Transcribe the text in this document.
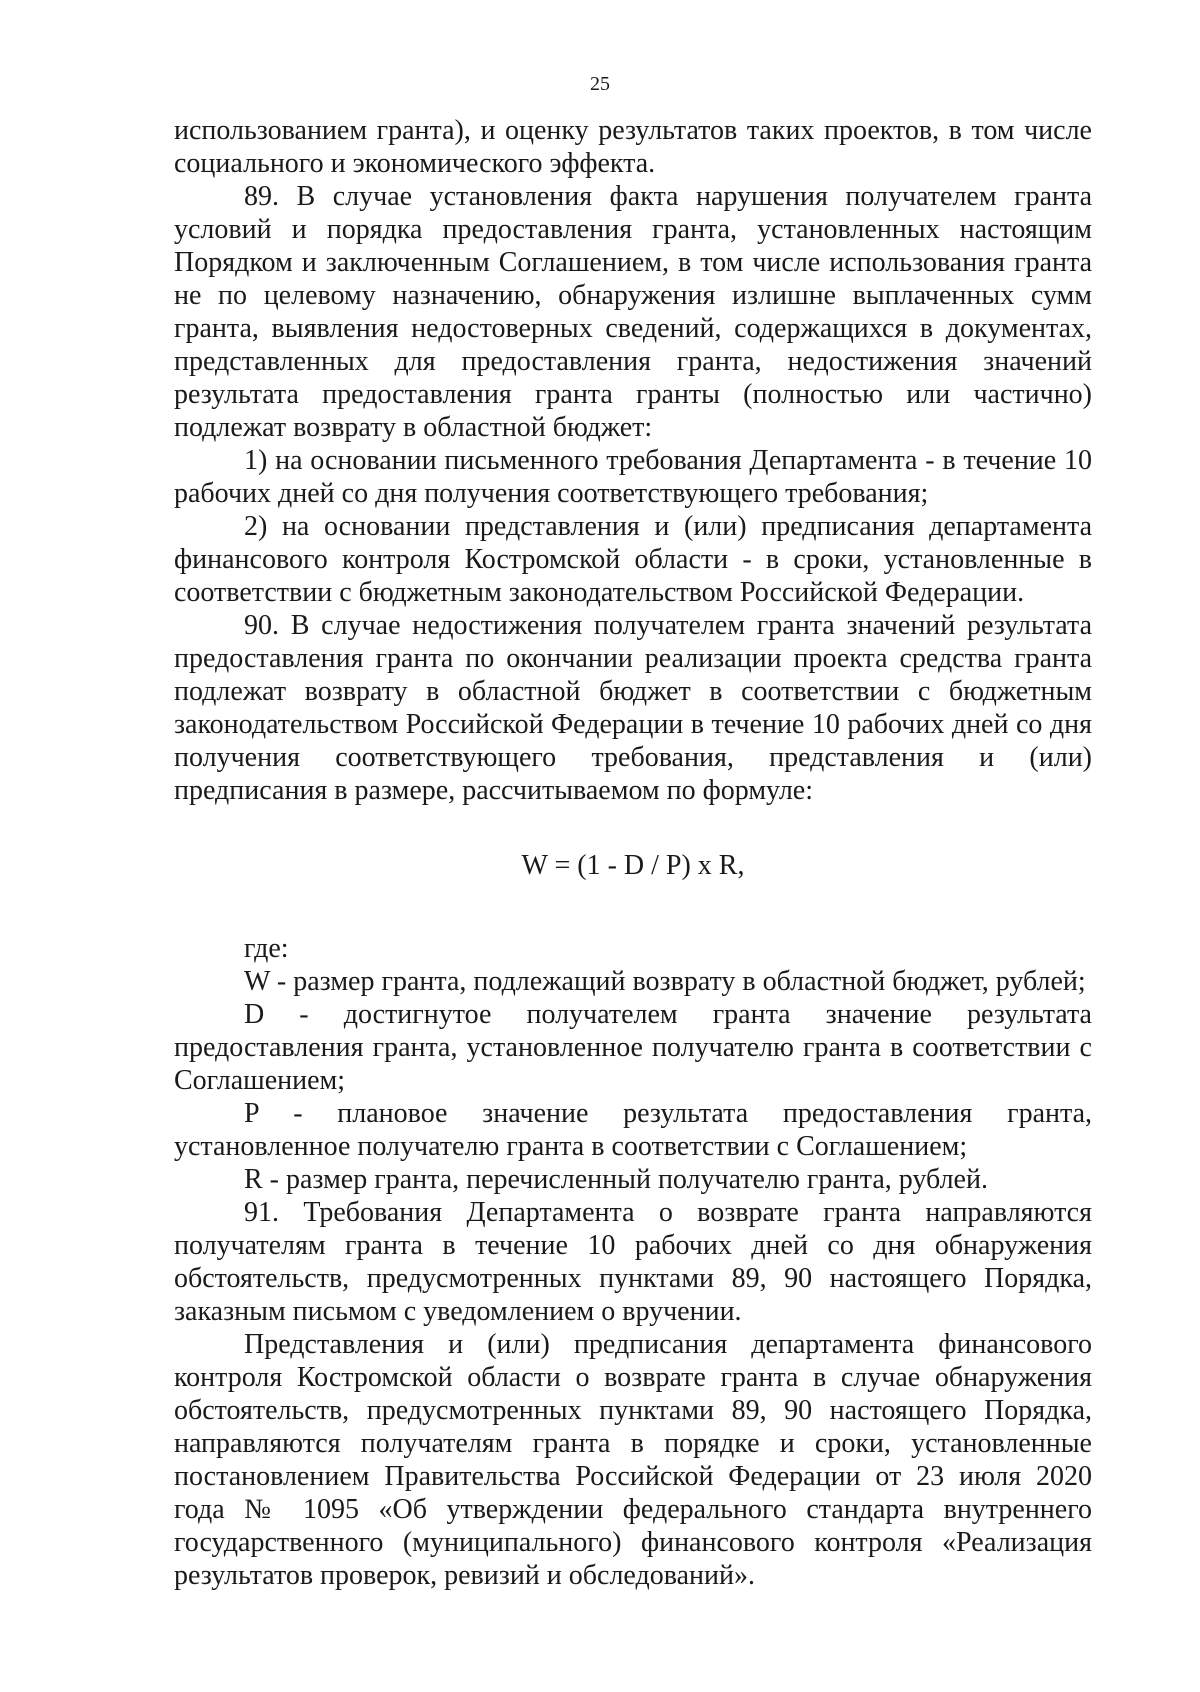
25

использованием гранта), и оценку результатов таких проектов, в том числе социального и экономического эффекта.

89. В случае установления факта нарушения получателем гранта условий и порядка предоставления гранта, установленных настоящим Порядком и заключенным Соглашением, в том числе использования гранта не по целевому назначению, обнаружения излишне выплаченных сумм гранта, выявления недостоверных сведений, содержащихся в документах, представленных для предоставления гранта, недостижения значений результата предоставления гранта гранты (полностью или частично) подлежат возврату в областной бюджет:

1) на основании письменного требования Департамента - в течение 10 рабочих дней со дня получения соответствующего требования;

2) на основании представления и (или) предписания департамента финансового контроля Костромской области - в сроки, установленные в соответствии с бюджетным законодательством Российской Федерации.

90. В случае недостижения получателем гранта значений результата предоставления гранта по окончании реализации проекта средства гранта подлежат возврату в областной бюджет в соответствии с бюджетным законодательством Российской Федерации в течение 10 рабочих дней со дня получения соответствующего требования, представления и (или) предписания в размере, рассчитываемом по формуле:

W = (1 - D / P) x R,

где:

W - размер гранта, подлежащий возврату в областной бюджет, рублей;

D - достигнутое получателем гранта значение результата предоставления гранта, установленное получателю гранта в соответствии с Соглашением;

P - плановое значение результата предоставления гранта, установленное получателю гранта в соответствии с Соглашением;

R - размер гранта, перечисленный получателю гранта, рублей.

91. Требования Департамента о возврате гранта направляются получателям гранта в течение 10 рабочих дней со дня обнаружения обстоятельств, предусмотренных пунктами 89, 90 настоящего Порядка, заказным письмом с уведомлением о вручении.

Представления и (или) предписания департамента финансового контроля Костромской области о возврате гранта в случае обнаружения обстоятельств, предусмотренных пунктами 89, 90 настоящего Порядка, направляются получателям гранта в порядке и сроки, установленные постановлением Правительства Российской Федерации от 23 июля 2020 года № 1095 «Об утверждении федерального стандарта внутреннего государственного (муниципального) финансового контроля «Реализация результатов проверок, ревизий и обследований».
